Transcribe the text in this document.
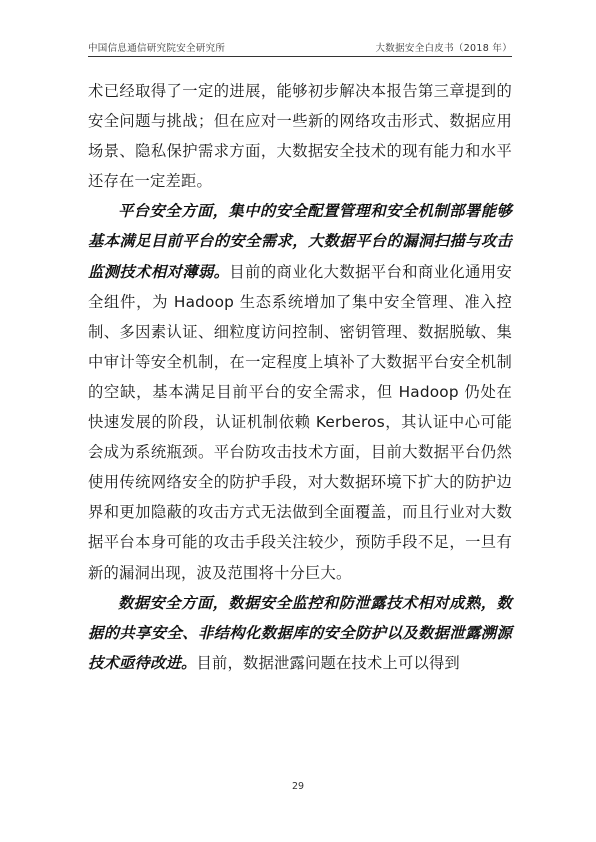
中国信息通信研究院安全研究所	大数据安全白皮书（2018 年）

术已经取得了一定的进展，能够初步解决本报告第三章提到的安全问题与挑战；但在应对一些新的网络攻击形式、数据应用场景、隐私保护需求方面，大数据安全技术的现有能力和水平还存在一定差距。

平台安全方面，集中的安全配置管理和安全机制部署能够基本满足目前平台的安全需求，大数据平台的漏洞扫描与攻击监测技术相对薄弱。目前的商业化大数据平台和商业化通用安全组件，为 Hadoop 生态系统增加了集中安全管理、准入控制、多因素认证、细粒度访问控制、密钥管理、数据脱敏、集中审计等安全机制，在一定程度上填补了大数据平台安全机制的空缺，基本满足目前平台的安全需求，但 Hadoop 仍处在快速发展的阶段，认证机制依赖 Kerberos，其认证中心可能会成为系统瓶颈。平台防攻击技术方面，目前大数据平台仍然使用传统网络安全的防护手段，对大数据环境下扩大的防护边界和更加隐蔽的攻击方式无法做到全面覆盖，而且行业对大数据平台本身可能的攻击手段关注较少，预防手段不足，一旦有新的漏洞出现，波及范围将十分巨大。

数据安全方面，数据安全监控和防泄露技术相对成熟，数据的共享安全、非结构化数据库的安全防护以及数据泄露溯源技术亟待改进。目前，数据泄露问题在技术上可以得到

29
